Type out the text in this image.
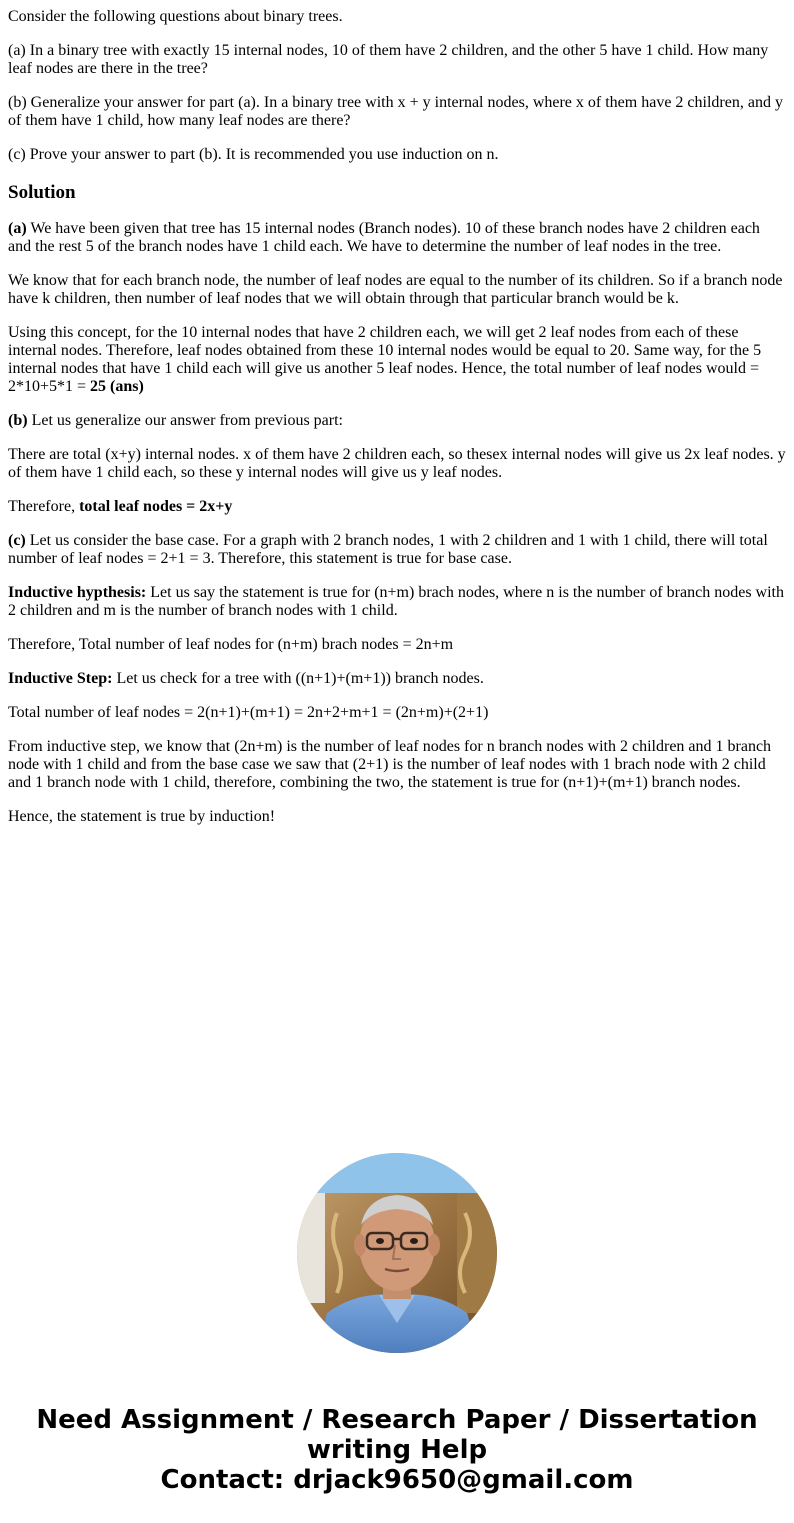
Consider the following questions about binary trees.

(a) In a binary tree with exactly 15 internal nodes, 10 of them have 2 children, and the other 5 have 1 child. How many leaf nodes are there in the tree?

(b) Generalize your answer for part (a). In a binary tree with x + y internal nodes, where x of them have 2 children, and y of them have 1 child, how many leaf nodes are there?

(c) Prove your answer to part (b). It is recommended you use induction on n.

Solution

(a) We have been given that tree has 15 internal nodes (Branch nodes). 10 of these branch nodes have 2 children each and the rest 5 of the branch nodes have 1 child each. We have to determine the number of leaf nodes in the tree.

We know that for each branch node, the number of leaf nodes are equal to the number of its children. So if a branch node have k children, then number of leaf nodes that we will obtain through that particular branch would be k.

Using this concept, for the 10 internal nodes that have 2 children each, we will get 2 leaf nodes from each of these internal nodes. Therefore, leaf nodes obtained from these 10 internal nodes would be equal to 20. Same way, for the 5 internal nodes that have 1 child each will give us another 5 leaf nodes. Hence, the total number of leaf nodes would = 2*10+5*1 = 25 (ans)

(b) Let us generalize our answer from previous part:

There are total (x+y) internal nodes. x of them have 2 children each, so thesex internal nodes will give us 2x leaf nodes. y of them have 1 child each, so these y internal nodes will give us y leaf nodes.

Therefore, total leaf nodes = 2x+y

(c) Let us consider the base case. For a graph with 2 branch nodes, 1 with 2 children and 1 with 1 child, there will total number of leaf nodes = 2+1 = 3. Therefore, this statement is true for base case.

Inductive hypthesis: Let us say the statement is true for (n+m) brach nodes, where n is the number of branch nodes with 2 children and m is the number of branch nodes with 1 child.

Therefore, Total number of leaf nodes for (n+m) brach nodes = 2n+m

Inductive Step: Let us check for a tree with ((n+1)+(m+1)) branch nodes.

Total number of leaf nodes = 2(n+1)+(m+1) = 2n+2+m+1 = (2n+m)+(2+1)

From inductive step, we know that (2n+m) is the number of leaf nodes for n branch nodes with 2 children and 1 branch node with 1 child and from the base case we saw that (2+1) is the number of leaf nodes with 1 brach node with 2 child and 1 branch node with 1 child, therefore, combining the two, the statement is true for (n+1)+(m+1) branch nodes.

Hence, the statement is true by induction!

Need Assignment / Research Paper / Dissertation
writing Help
Contact: drjack9650@gmail.com
